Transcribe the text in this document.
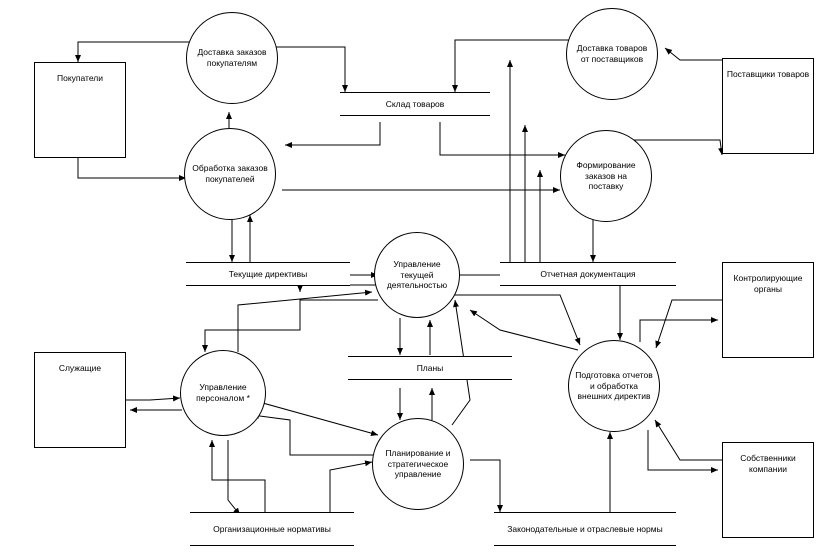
Доставка заказов покупателям
Доставка товаров от поставщиков
Обработка заказов покупателей
Формирование заказов на поставку
Управление текущей деятельностью
Управление персоналом *
Подготовка отчетов и обработка внешних директив
Планирование и стратегическое управление
Покупатели	Поставщики товаров
Контролирующие органы
Служащие
Собственники компании
Склад товаров
Текущие директивы	Отчетная документация
Планы
Организационные нормативы	Законодательные и отраслевые нормы
